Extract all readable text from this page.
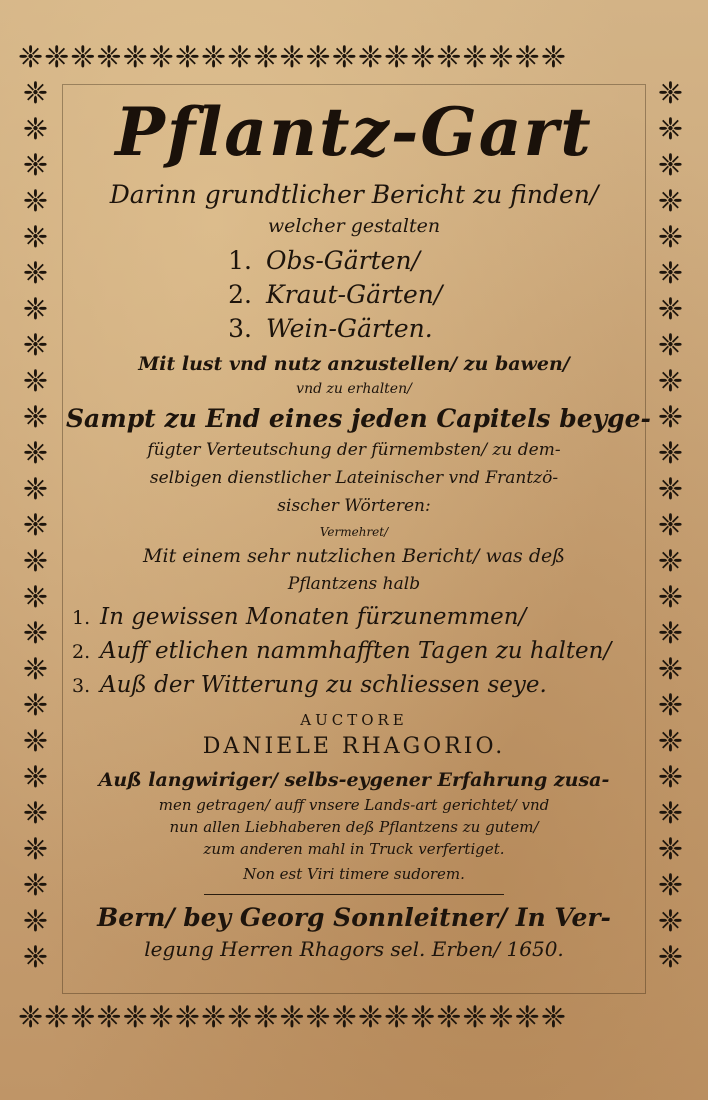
❈❈❈❈❈❈❈❈❈❈❈❈❈❈❈❈❈❈❈❈❈
❈❈❈❈❈❈❈❈❈❈❈❈❈❈❈❈❈❈❈❈❈
❈
❈
❈
❈
❈
❈
❈
❈
❈
❈
❈
❈
❈
❈
❈
❈
❈
❈
❈
❈
❈
❈
❈
❈
❈
❈
❈
❈
❈
❈
❈
❈
❈
❈
❈
❈
❈
❈
❈
❈
❈
❈
❈
❈
❈
❈
❈
❈
❈
❈

Pflantz-Gart

Darinn grundtlicher Bericht zu finden/

welcher gestalten

1. Obs-Gärten/
2. Kraut-Gärten/
3. Wein-Gärten.

Mit lust vnd nutz anzustellen/ zu bawen/

vnd zu erhalten/

Sampt zu End eines jeden Capitels beyge-

fügter Verteutschung der fürnembsten/ zu dem-

selbigen dienstlicher Lateinischer vnd Frantzö-

sischer Wörteren:

Vermehret/

Mit einem sehr nutzlichen Bericht/ was deß

Pflantzens halb

1. In gewissen Monaten fürzunemmen/
2. Auff etlichen nammhafften Tagen zu halten/
3. Auß der Witterung zu schliessen seye.

AUCTORE

DANIELE RHAGORIO.

Auß langwiriger/ selbs-eygener Erfahrung zusa-

men getragen/ auff vnsere Lands-art gerichtet/ vnd

nun allen Liebhaberen deß Pflantzens zu gutem/

zum anderen mahl in Truck verfertiget.

Non est Viri timere sudorem.

Bern/ bey Georg Sonnleitner/ In Ver-

legung Herren Rhagors sel. Erben/ 1650.
